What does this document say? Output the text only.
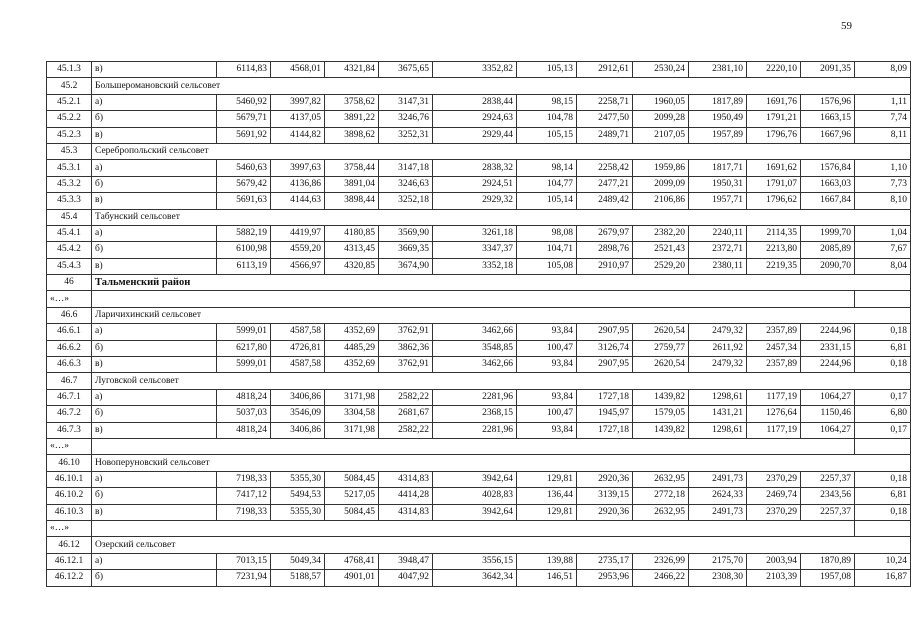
59
45.1.3	в)	6114,83	4568,01	4321,84	3675,65	3352,82	105,13	2912,61	2530,24	2381,10	2220,10	2091,35	8,09
45.2	Большеромановский сельсовет												
45.2.1	а)	5460,92	3997,82	3758,62	3147,31	2838,44	98,15	2258,71	1960,05	1817,89	1691,76	1576,96	1,11
45.2.2	б)	5679,71	4137,05	3891,22	3246,76	2924,63	104,78	2477,50	2099,28	1950,49	1791,21	1663,15	7,74
45.2.3	в)	5691,92	4144,82	3898,62	3252,31	2929,44	105,15	2489,71	2107,05	1957,89	1796,76	1667,96	8,11
45.3	Серебропольский сельсовет												
45.3.1	а)	5460,63	3997,63	3758,44	3147,18	2838,32	98,14	2258,42	1959,86	1817,71	1691,62	1576,84	1,10
45.3.2	б)	5679,42	4136,86	3891,04	3246,63	2924,51	104,77	2477,21	2099,09	1950,31	1791,07	1663,03	7,73
45.3.3	в)	5691,63	4144,63	3898,44	3252,18	2929,32	105,14	2489,42	2106,86	1957,71	1796,62	1667,84	8,10
45.4	Табунский сельсовет												
45.4.1	а)	5882,19	4419,97	4180,85	3569,90	3261,18	98,08	2679,97	2382,20	2240,11	2114,35	1999,70	1,04
45.4.2	б)	6100,98	4559,20	4313,45	3669,35	3347,37	104,71	2898,76	2521,43	2372,71	2213,80	2085,89	7,67
45.4.3	в)	6113,19	4566,97	4320,85	3674,90	3352,18	105,08	2910,97	2529,20	2380,11	2219,35	2090,70	8,04
46	Тальменский район												
«…»													
46.6	Ларичихинский сельсовет												
46.6.1	а)	5999,01	4587,58	4352,69	3762,91	3462,66	93,84	2907,95	2620,54	2479,32	2357,89	2244,96	0,18
46.6.2	б)	6217,80	4726,81	4485,29	3862,36	3548,85	100,47	3126,74	2759,77	2611,92	2457,34	2331,15	6,81
46.6.3	в)	5999,01	4587,58	4352,69	3762,91	3462,66	93,84	2907,95	2620,54	2479,32	2357,89	2244,96	0,18
46.7	Луговской сельсовет												
46.7.1	а)	4818,24	3406,86	3171,98	2582,22	2281,96	93,84	1727,18	1439,82	1298,61	1177,19	1064,27	0,17
46.7.2	б)	5037,03	3546,09	3304,58	2681,67	2368,15	100,47	1945,97	1579,05	1431,21	1276,64	1150,46	6,80
46.7.3	в)	4818,24	3406,86	3171,98	2582,22	2281,96	93,84	1727,18	1439,82	1298,61	1177,19	1064,27	0,17
«…»													
46.10	Новоперуновский сельсовет												
46.10.1	а)	7198,33	5355,30	5084,45	4314,83	3942,64	129,81	2920,36	2632,95	2491,73	2370,29	2257,37	0,18
46.10.2	б)	7417,12	5494,53	5217,05	4414,28	4028,83	136,44	3139,15	2772,18	2624,33	2469,74	2343,56	6,81
46.10.3	в)	7198,33	5355,30	5084,45	4314,83	3942,64	129,81	2920,36	2632,95	2491,73	2370,29	2257,37	0,18
«…»													
46.12	Озерский сельсовет												
46.12.1	а)	7013,15	5049,34	4768,41	3948,47	3556,15	139,88	2735,17	2326,99	2175,70	2003,94	1870,89	10,24
46.12.2	б)	7231,94	5188,57	4901,01	4047,92	3642,34	146,51	2953,96	2466,22	2308,30	2103,39	1957,08	16,87
